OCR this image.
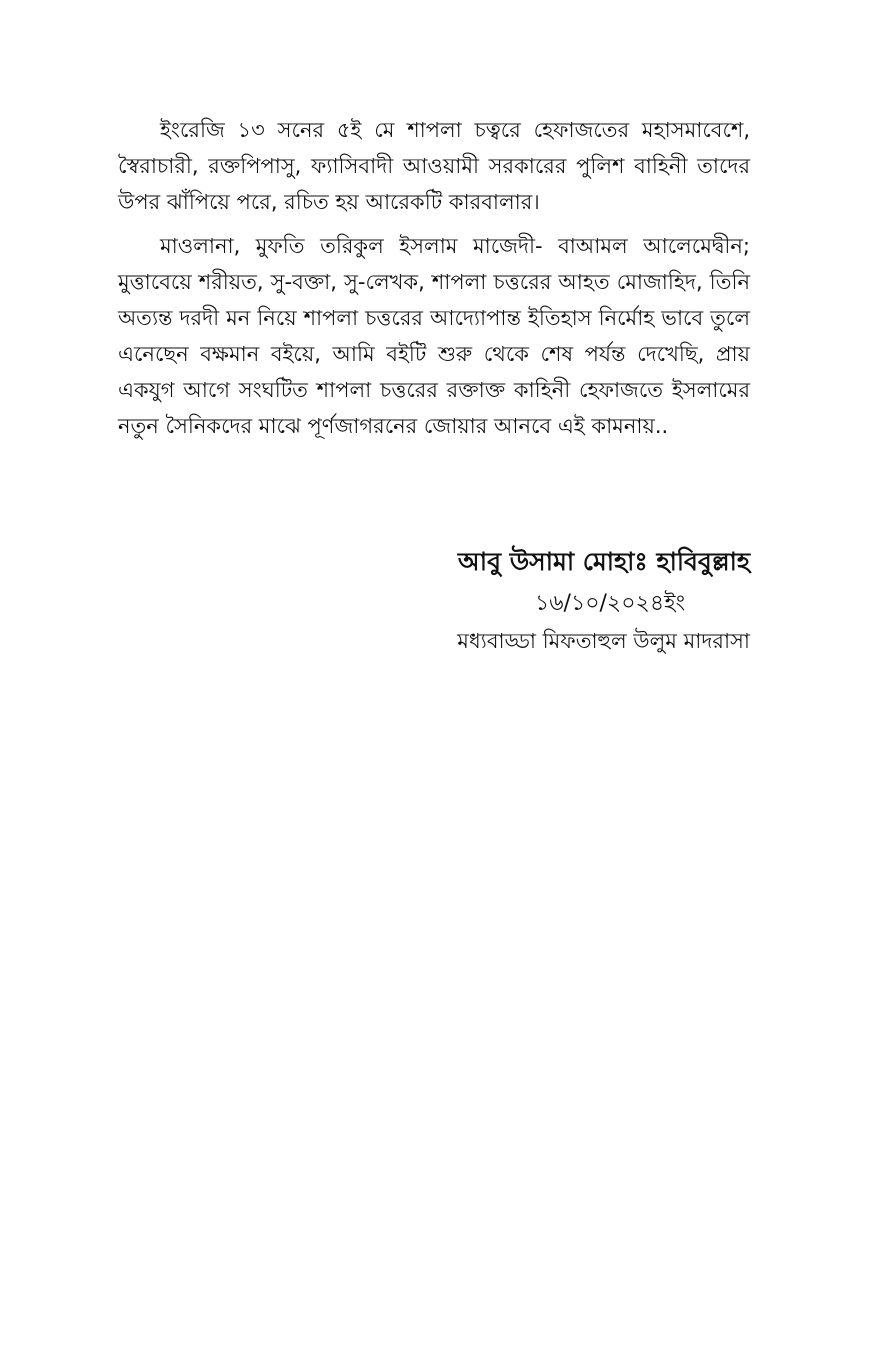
ইংরেজি ১৩ সনের ৫ই মে শাপলা চত্বরে হেফাজতের মহাসমাবেশে, স্বৈরাচারী, রক্তপিপাসু, ফ্যাসিবাদী আওয়ামী সরকারের পুলিশ বাহিনী তাদের উপর ঝাঁপিয়ে পরে, রচিত হয় আরেকটি কারবালার।

মাওলানা, মুফতি তরিকুল ইসলাম মাজেদী- বাআমল আলেমেদ্বীন; মুত্তাবেয়ে শরীয়ত, সু-বক্তা, সু-লেখক, শাপলা চত্তরের আহত মোজাহিদ, তিনি অত্যন্ত দরদী মন নিয়ে শাপলা চত্তরের আদ্যোপান্ত ইতিহাস নির্মোহ ভাবে তুলে এনেছেন বক্ষমান বইয়ে, আমি বইটি শুরু থেকে শেষ পর্যন্ত দেখেছি, প্রায় একযুগ আগে সংঘটিত শাপলা চত্তরের রক্তাক্ত কাহিনী হেফাজতে ইসলামের নতুন সৈনিকদের মাঝে পূর্ণজাগরনের জোয়ার আনবে এই কামনায়..

আবু উসামা মোহাঃ হাবিবুল্লাহ
১৬/১০/২০২৪ইং
মধ্যবাড্ডা মিফতাহুল উলুম মাদরাসা
